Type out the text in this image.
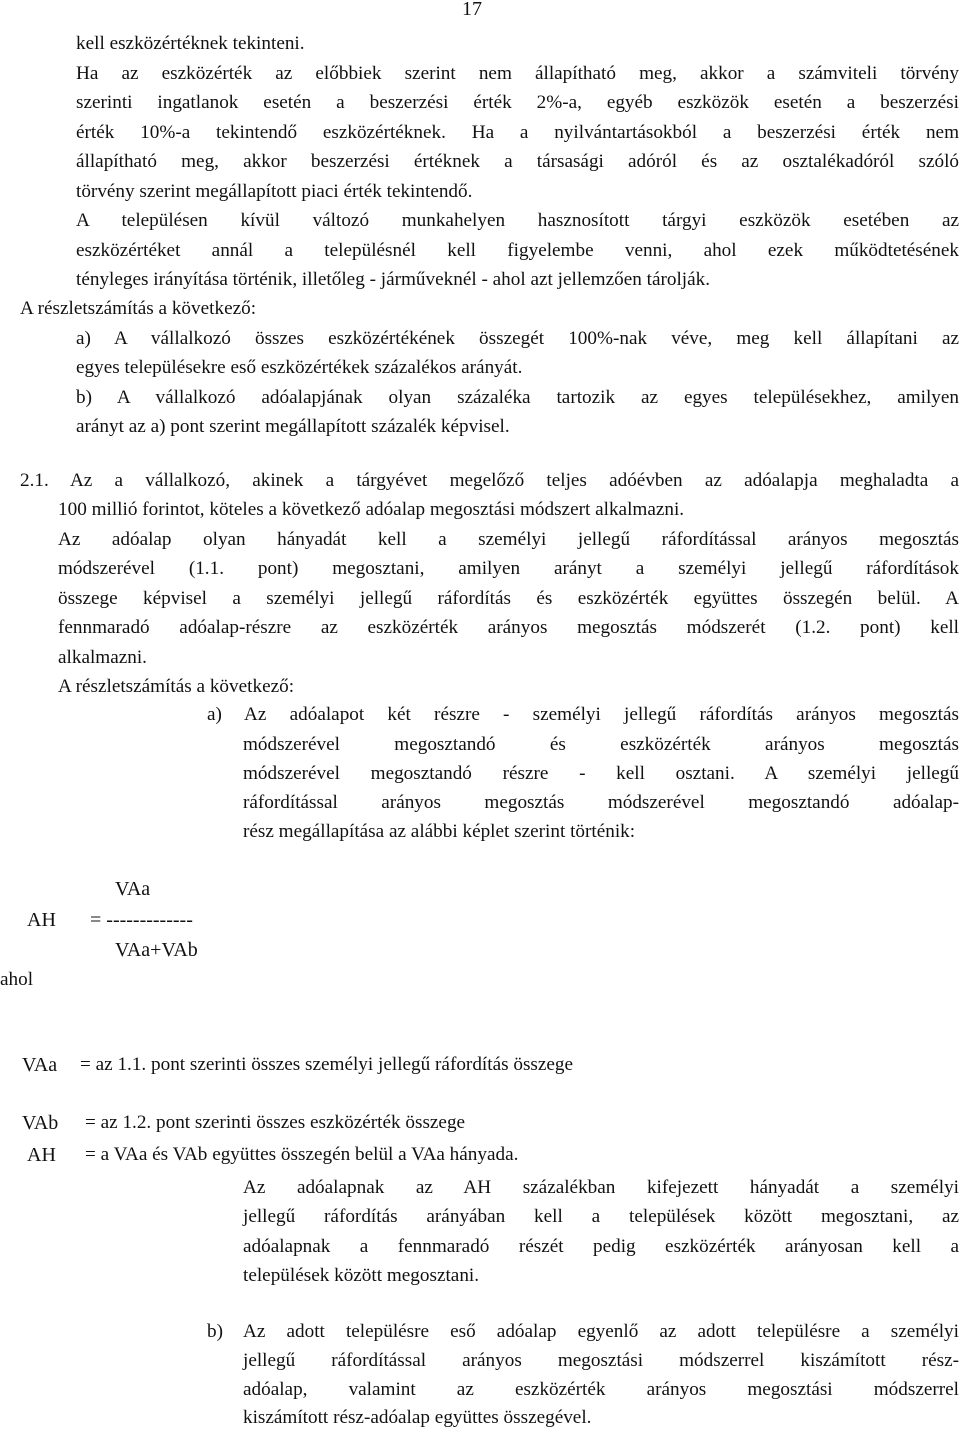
17
kell eszközértéknek tekinteni.
Ha az eszközérték az előbbiek szerint nem állapítható meg, akkor a számviteli törvény
szerinti ingatlanok esetén a beszerzési érték 2%-a, egyéb eszközök esetén a beszerzési
érték 10%-a tekintendő eszközértéknek. Ha a nyilvántartásokból a beszerzési érték nem
állapítható meg, akkor beszerzési értéknek a társasági adóról és az osztalékadóról szóló
törvény szerint megállapított piaci érték tekintendő.
A településen kívül változó munkahelyen hasznosított tárgyi eszközök esetében az
eszközértéket annál a településnél kell figyelembe venni, ahol ezek működtetésének
tényleges irányítása történik, illetőleg - járműveknél - ahol azt jellemzően tárolják.
A részletszámítás a következő:
a) A vállalkozó összes eszközértékének összegét 100%-nak véve, meg kell állapítani az
egyes településekre eső eszközértékek százalékos arányát.
b) A vállalkozó adóalapjának olyan százaléka tartozik az egyes településekhez, amilyen
arányt az a) pont szerint megállapított százalék képvisel.
2.1. Az a vállalkozó, akinek a tárgyévet megelőző teljes adóévben az adóalapja meghaladta a
100 millió forintot, köteles a következő adóalap megosztási módszert alkalmazni.
Az adóalap olyan hányadát kell a személyi jellegű ráfordítással arányos megosztás
módszerével (1.1. pont) megosztani, amilyen arányt a személyi jellegű ráfordítások
összege képvisel a személyi jellegű ráfordítás és eszközérték együttes összegén belül. A
fennmaradó adóalap-részre az eszközérték arányos megosztás módszerét (1.2. pont) kell
alkalmazni.
A részletszámítás a következő:
a) Az adóalapot két részre - személyi jellegű ráfordítás arányos megosztás
módszerével megosztandó és eszközérték arányos megosztás
módszerével megosztandó részre - kell osztani. A személyi jellegű
ráfordítással arányos megosztás módszerével megosztandó adóalap-
rész megállapítása az alábbi képlet szerint történik:
VAa
AH = -------------
VAa+VAb
ahol
VAa = az 1.1. pont szerinti összes személyi jellegű ráfordítás összege
VAb = az 1.2. pont szerinti összes eszközérték összege
AH = a VAa és VAb együttes összegén belül a VAa hányada.
Az adóalapnak az AH százalékban kifejezett hányadát a személyi
jellegű ráfordítás arányában kell a települések között megosztani, az
adóalapnak a fennmaradó részét pedig eszközérték arányosan kell a
települések között megosztani.
b) Az adott településre eső adóalap egyenlő az adott településre a személyi
jellegű ráfordítással arányos megosztási módszerrel kiszámított rész-
adóalap, valamint az eszközérték arányos megosztási módszerrel
kiszámított rész-adóalap együttes összegével.
